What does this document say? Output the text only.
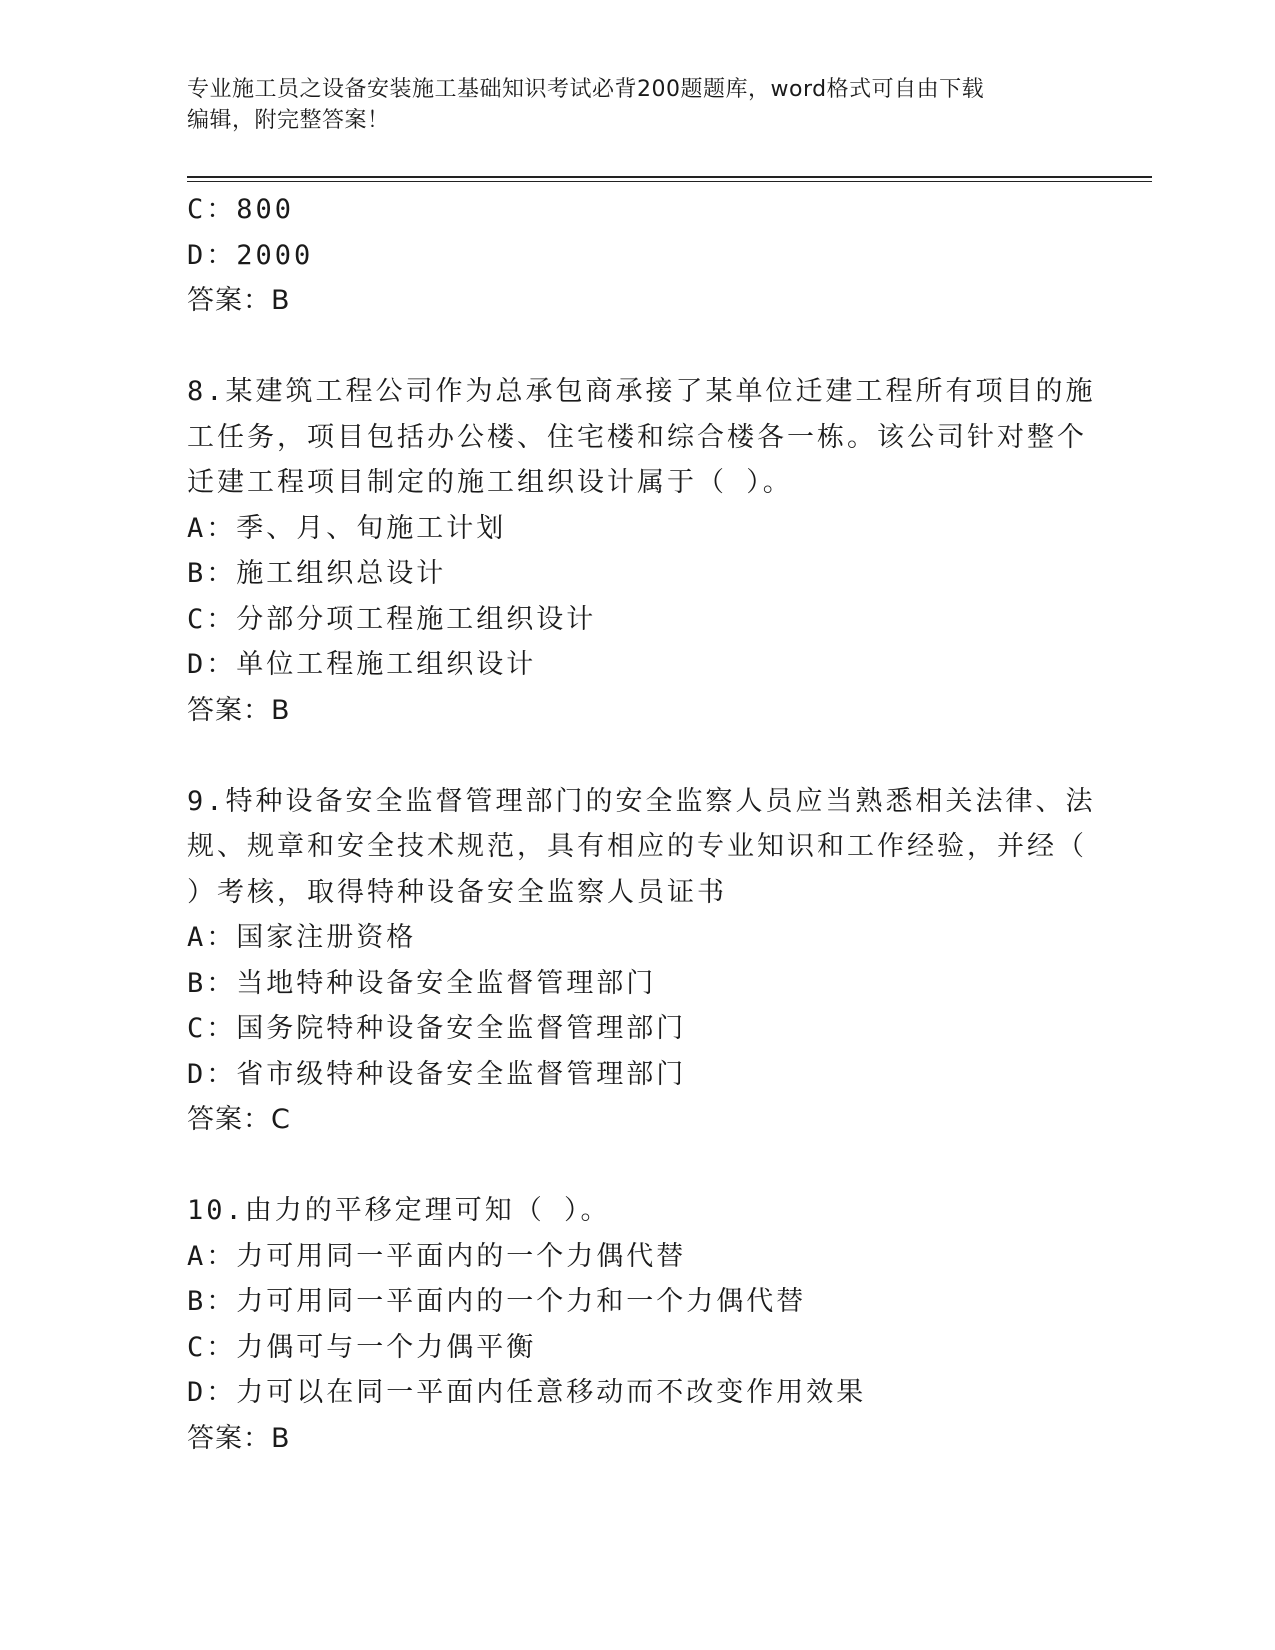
专业施工员之设备安装施工基础知识考试必背200题题库，word格式可自由下载
编辑，附完整答案！
C：800
D：2000
答案：B
8.某建筑工程公司作为总承包商承接了某单位迁建工程所有项目的施
工任务，项目包括办公楼、住宅楼和综合楼各一栋。该公司针对整个
迁建工程项目制定的施工组织设计属于（ ）。
A：季、月、旬施工计划
B：施工组织总设计
C：分部分项工程施工组织设计
D：单位工程施工组织设计
答案：B
9.特种设备安全监督管理部门的安全监察人员应当熟悉相关法律、法
规、规章和安全技术规范，具有相应的专业知识和工作经验，并经（
）考核，取得特种设备安全监察人员证书
A：国家注册资格
B：当地特种设备安全监督管理部门
C：国务院特种设备安全监督管理部门
D：省市级特种设备安全监督管理部门
答案：C
10.由力的平移定理可知（ ）。
A：力可用同一平面内的一个力偶代替
B：力可用同一平面内的一个力和一个力偶代替
C：力偶可与一个力偶平衡
D：力可以在同一平面内任意移动而不改变作用效果
答案：B
